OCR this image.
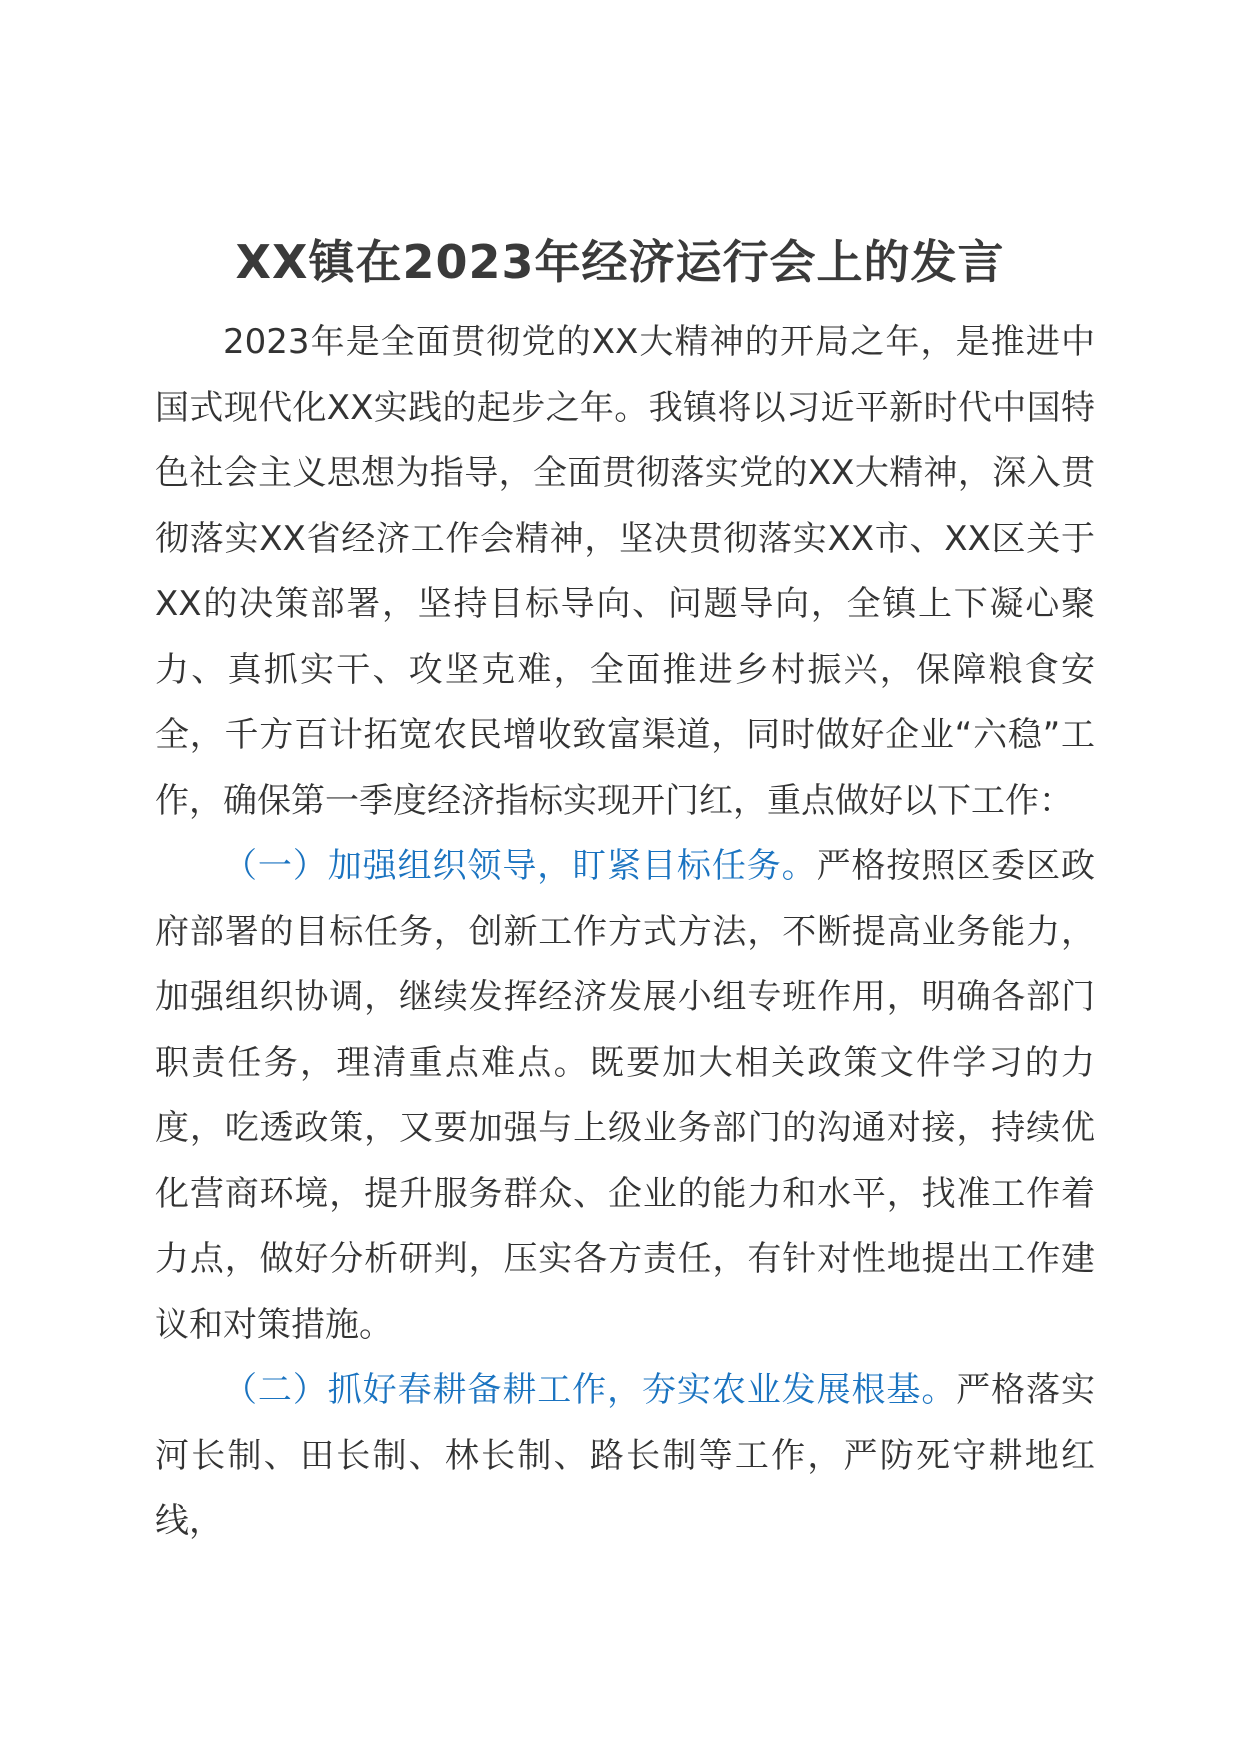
XX镇在2023年经济运行会上的发言

2023年是全面贯彻党的XX大精神的开局之年，是推进中国式现代化XX实践的起步之年。我镇将以习近平新时代中国特色社会主义思想为指导，全面贯彻落实党的XX大精神，深入贯彻落实XX省经济工作会精神，坚决贯彻落实XX市、XX区关于XX的决策部署，坚持目标导向、问题导向，全镇上下凝心聚力、真抓实干、攻坚克难，全面推进乡村振兴，保障粮食安全，千方百计拓宽农民增收致富渠道，同时做好企业“六稳”工作，确保第一季度经济指标实现开门红，重点做好以下工作：

（一）加强组织领导，盯紧目标任务。严格按照区委区政府部署的目标任务，创新工作方式方法，不断提高业务能力，加强组织协调，继续发挥经济发展小组专班作用，明确各部门职责任务，理清重点难点。既要加大相关政策文件学习的力度，吃透政策，又要加强与上级业务部门的沟通对接，持续优化营商环境，提升服务群众、企业的能力和水平，找准工作着力点，做好分析研判，压实各方责任，有针对性地提出工作建议和对策措施。

（二）抓好春耕备耕工作，夯实农业发展根基。严格落实河长制、田长制、林长制、路长制等工作，严防死守耕地红线，
